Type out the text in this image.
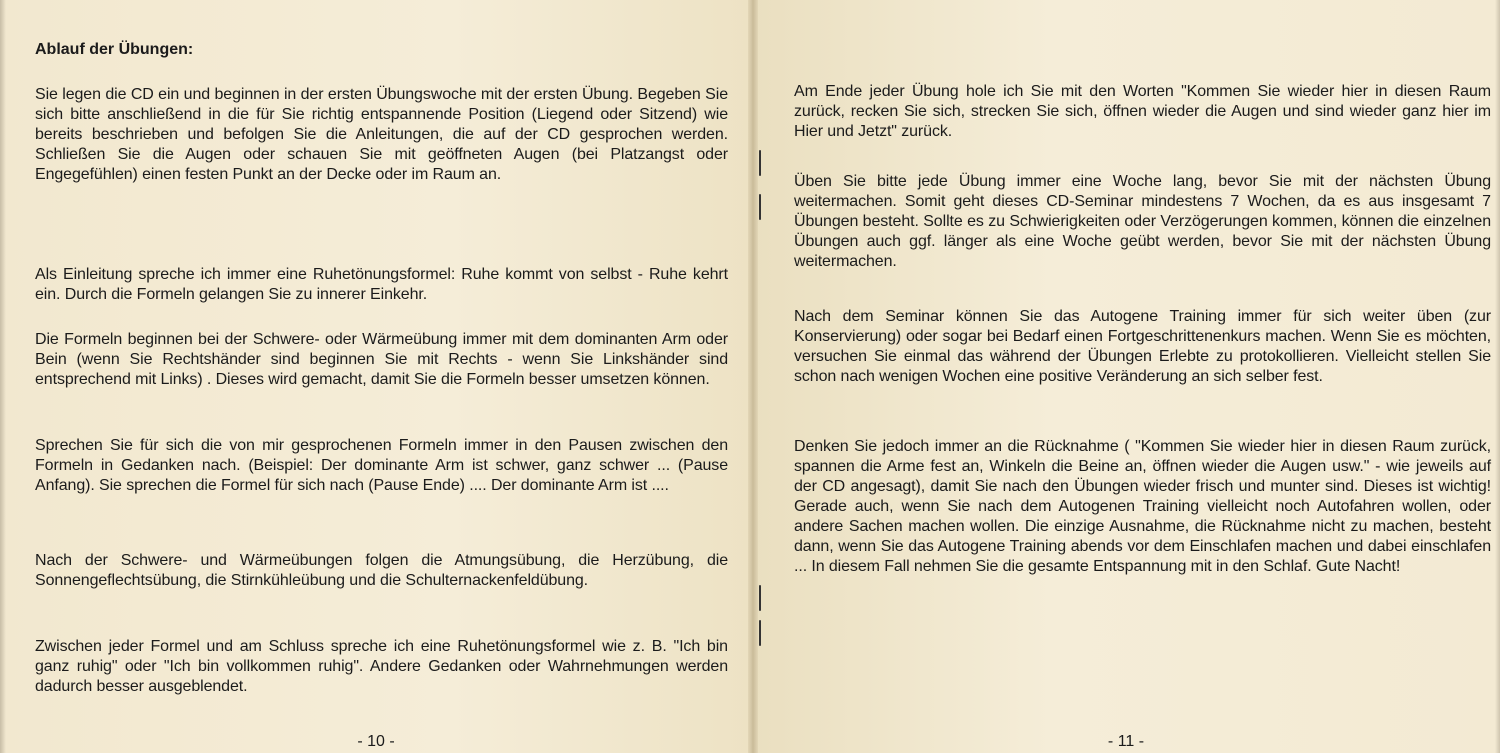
Ablauf der Übungen:

Sie legen die CD ein und beginnen in der ersten Übungswoche mit der ersten Übung. Begeben Sie sich bitte anschließend in die für Sie richtig entspannende Position (Liegend oder Sitzend) wie bereits beschrieben und befolgen Sie die Anleitungen, die auf der CD gesprochen werden. Schließen Sie die Augen oder schauen Sie mit geöffneten Augen (bei Platzangst oder Engegefühlen) einen festen Punkt an der Decke oder im Raum an.

Als Einleitung spreche ich immer eine Ruhetönungsformel: Ruhe kommt von selbst - Ruhe kehrt ein. Durch die Formeln gelangen Sie zu innerer Einkehr.

Die Formeln beginnen bei der Schwere- oder Wärmeübung immer mit dem dominanten Arm oder Bein (wenn Sie Rechtshänder sind beginnen Sie mit Rechts - wenn Sie Linkshänder sind entsprechend mit Links) . Dieses wird gemacht, damit Sie die Formeln besser umsetzen können.

Sprechen Sie für sich die von mir gesprochenen Formeln immer in den Pausen zwischen den Formeln in Gedanken nach. (Beispiel: Der dominante Arm ist schwer, ganz schwer ... (Pause Anfang). Sie sprechen die Formel für sich nach (Pause Ende) .... Der dominante Arm ist ....

Nach der Schwere- und Wärmeübungen folgen die Atmungsübung, die Herzübung, die Sonnengeflechtsübung, die Stirnkühleübung und die Schulternackenfeldübung.

Zwischen jeder Formel und am Schluss spreche ich eine Ruhetönungsformel wie z. B. "Ich bin ganz ruhig" oder "Ich bin vollkommen ruhig". Andere Gedanken oder Wahrnehmungen werden dadurch besser ausgeblendet.

- 10 -

Am Ende jeder Übung hole ich Sie mit den Worten "Kommen Sie wieder hier in diesen Raum zurück, recken Sie sich, strecken Sie sich, öffnen wieder die Augen und sind wieder ganz hier im Hier und Jetzt" zurück.

Üben Sie bitte jede Übung immer eine Woche lang, bevor Sie mit der nächsten Übung weitermachen. Somit geht dieses CD-Seminar mindestens 7 Wochen, da es aus insgesamt 7 Übungen besteht. Sollte es zu Schwierigkeiten oder Verzögerungen kommen, können die einzelnen Übungen auch ggf. länger als eine Woche geübt werden, bevor Sie mit der nächsten Übung weitermachen.

Nach dem Seminar können Sie das Autogene Training immer für sich weiter üben (zur Konservierung) oder sogar bei Bedarf einen Fortgeschrittenenkurs machen. Wenn Sie es möchten, versuchen Sie einmal das während der Übungen Erlebte zu protokollieren. Vielleicht stellen Sie schon nach wenigen Wochen eine positive Veränderung an sich selber fest.

Denken Sie jedoch immer an die Rücknahme ( "Kommen Sie wieder hier in diesen Raum zurück, spannen die Arme fest an, Winkeln die Beine an, öffnen wieder die Augen usw." - wie jeweils auf der CD angesagt), damit Sie nach den Übungen wieder frisch und munter sind. Dieses ist wichtig! Gerade auch, wenn Sie nach dem Autogenen Training vielleicht noch Autofahren wollen, oder andere Sachen machen wollen. Die einzige Ausnahme, die Rücknahme nicht zu machen, besteht dann, wenn Sie das Autogene Training abends vor dem Einschlafen machen und dabei einschlafen ... In diesem Fall nehmen Sie die gesamte Entspannung mit in den Schlaf. Gute Nacht!

- 11 -
